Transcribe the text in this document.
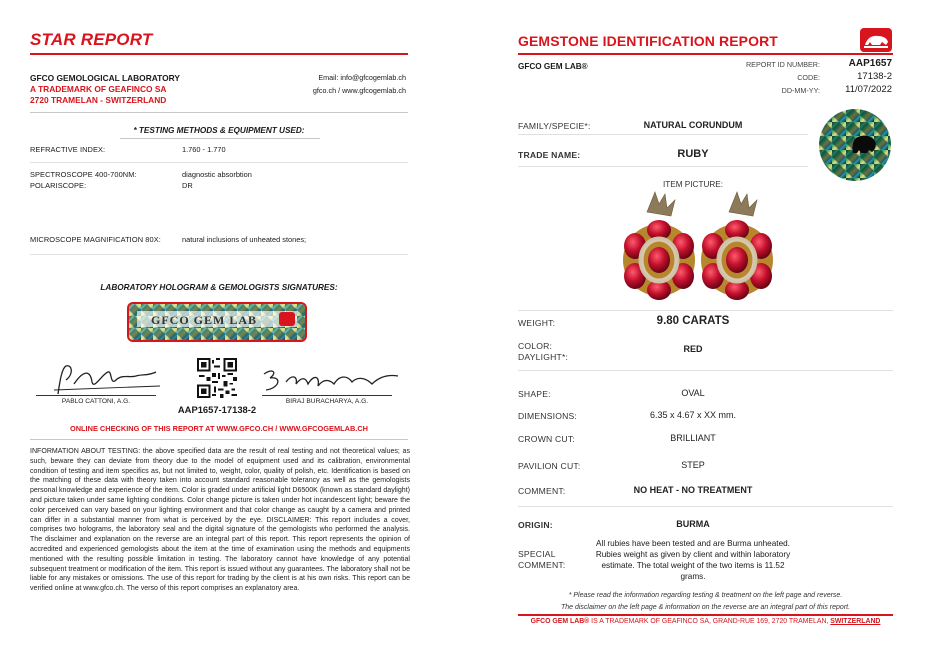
STAR REPORT
GFCO GEMOLOGICAL LABORATORY
A TRADEMARK OF GEAFINCO SA
2720 TRAMELAN - SWITZERLAND
Email: info@gfcogemlab.ch
gfco.ch / www.gfcogemlab.ch
* TESTING METHODS & EQUIPMENT USED:
REFRACTIVE INDEX:	1.760 - 1.770
SPECTROSCOPE 400-700NM:	diagnostic absorbtion
POLARISCOPE:	DR
MICROSCOPE MAGNIFICATION 80X:	natural inclusions of unheated stones;
LABORATORY HOLOGRAM & GEMOLOGISTS SIGNATURES:
GFCO GEM LAB
PABLO CATTONI, A.G.
AAP1657-17138-2
BIRAJ BURACHARYA, A.G.
ONLINE CHECKING OF THIS REPORT AT WWW.GFCO.CH / WWW.GFCOGEMLAB.CH
INFORMATION ABOUT TESTING: the above specified data are the result of real testing and not theoretical values; as such, beware they can deviate from theory due to the model of equipment used and its calibration, environmental condition of testing and item specifics as, but not limited to, weight, color, quality of polish, etc. Identification is based on the matching of these data with theory taken into account standard reasonable tolerancy as well as the gemologists personal knowledge and experience of the item. Color is graded under artificial light D6500K (known as standard daylight) and picture taken under same lighting conditions. Color change picture is taken under hot incandescent light; beware the color perceived can vary based on your lighting environment and that color change as caught by a camera and printed can differ in a substantial manner from what is perceived by the eye. DISCLAIMER: This report includes a cover, comprises two holograms, the laboratory seal and the digital signature of the gemologists who performed the analysis. The disclaimer and explanation on the reverse are an integral part of this report. This report represents the opinion of accredited and experienced gemologists about the item at the time of examination using the methods and equipments mentioned with the resulting possible limitation in testing. The laboratory cannot have knowledge of any potential subsequent treatment or modification of the item. This report is issued without any guarantees. The laboratory shall not be liable for any mistakes or omissions. The use of this report for trading by the client is at his own risks. This report can be verified online at www.gfco.ch. The verso of this report comprises an explanatory area.
GEMSTONE IDENTIFICATION REPORT
GFCO GEM LAB®	REPORT ID NUMBER:	AAP1657
CODE:	17138-2
DD-MM-YY:	11/07/2022
FAMILY/SPECIE*:	NATURAL CORUNDUM
TRADE NAME:	RUBY
ITEM PICTURE:
WEIGHT:	9.80 CARATS
COLOR:	RED
DAYLIGHT*:
SHAPE:	OVAL
DIMENSIONS:	6.35 x 4.67 x XX mm.
CROWN CUT:	BRILLIANT
PAVILION CUT:	STEP
COMMENT:	NO HEAT - NO TREATMENT
ORIGIN:	BURMA
SPECIAL
COMMENT:
All rubies have been tested and are Burma unheated.
Rubies weight as given by client and within laboratory
estimate. The total weight of the two items is 11.52
grams.
* Please read the information regarding testing & treatment on the left page and reverse.
The disclaimer on the left page & information on the reverse are an integral part of this report.
GFCO GEM LAB® IS A TRADEMARK OF GEAFINCO SA, GRAND-RUE 169, 2720 TRAMELAN, SWITZERLAND
